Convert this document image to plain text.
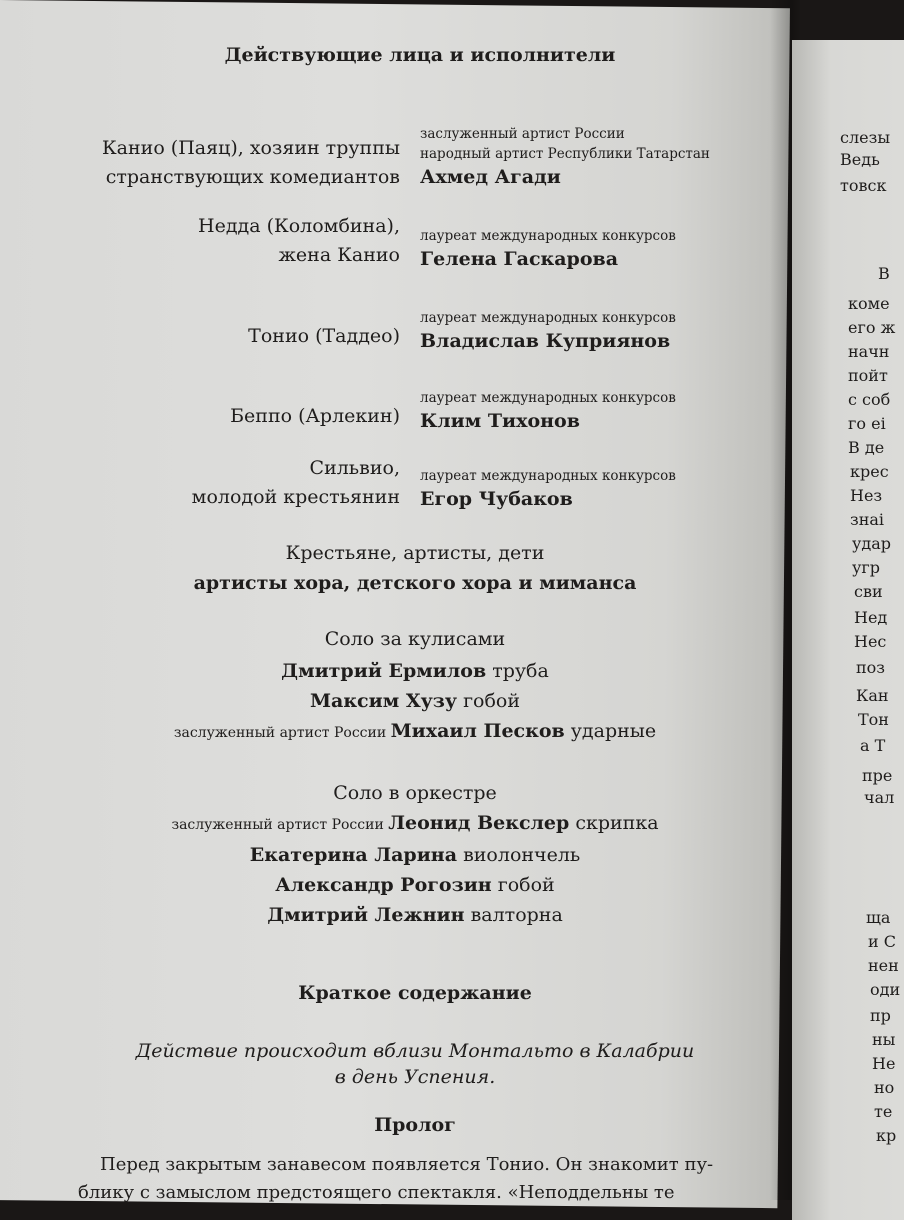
слезы
Ведь
товск
В
коме
его ж
начн
пойт
с соб
го еі
В де
крес
Нез
знаі
удар
угр
сви
Нед
Нес
поз
Кан
Тон
а Т
пре
чал
щa
и С
нен
оди
пр
ны
Не
но
те
кр
Действующие лица и исполнители
Канио (Паяц), хозяин труппы
странствующих комедиантов
заслуженный артист России
народный артист Республики Татарстан
Ахмед Агади
Недда (Коломбина),
жена Канио
лауреат международных конкурсов
Гелена Гаскарова
Тонио (Таддео)
лауреат международных конкурсов
Владислав Куприянов
Беппо (Арлекин)
лауреат международных конкурсов
Клим Тихонов
Сильвио,
молодой крестьянин
лауреат международных конкурсов
Егор Чубаков
Крестьяне, артисты, дети
артисты хора, детского хора и миманса
Соло за кулисами
Дмитрий Ермилов труба
Максим Хузу гобой
заслуженный артист России Михаил Песков ударные
Соло в оркестре
заслуженный артист России Леонид Векслер скрипка
Екатерина Ларина виолончель
Александр Рогозин гобой
Дмитрий Лежнин валторна
Краткое содержание
Действие происходит вблизи Монтальто в Калабрии
в день Успения.
Пролог
Перед закрытым занавесом появляется Тонио. Он знакомит пу-
блику с замыслом предстоящего спектакля. «Неподдельны те
